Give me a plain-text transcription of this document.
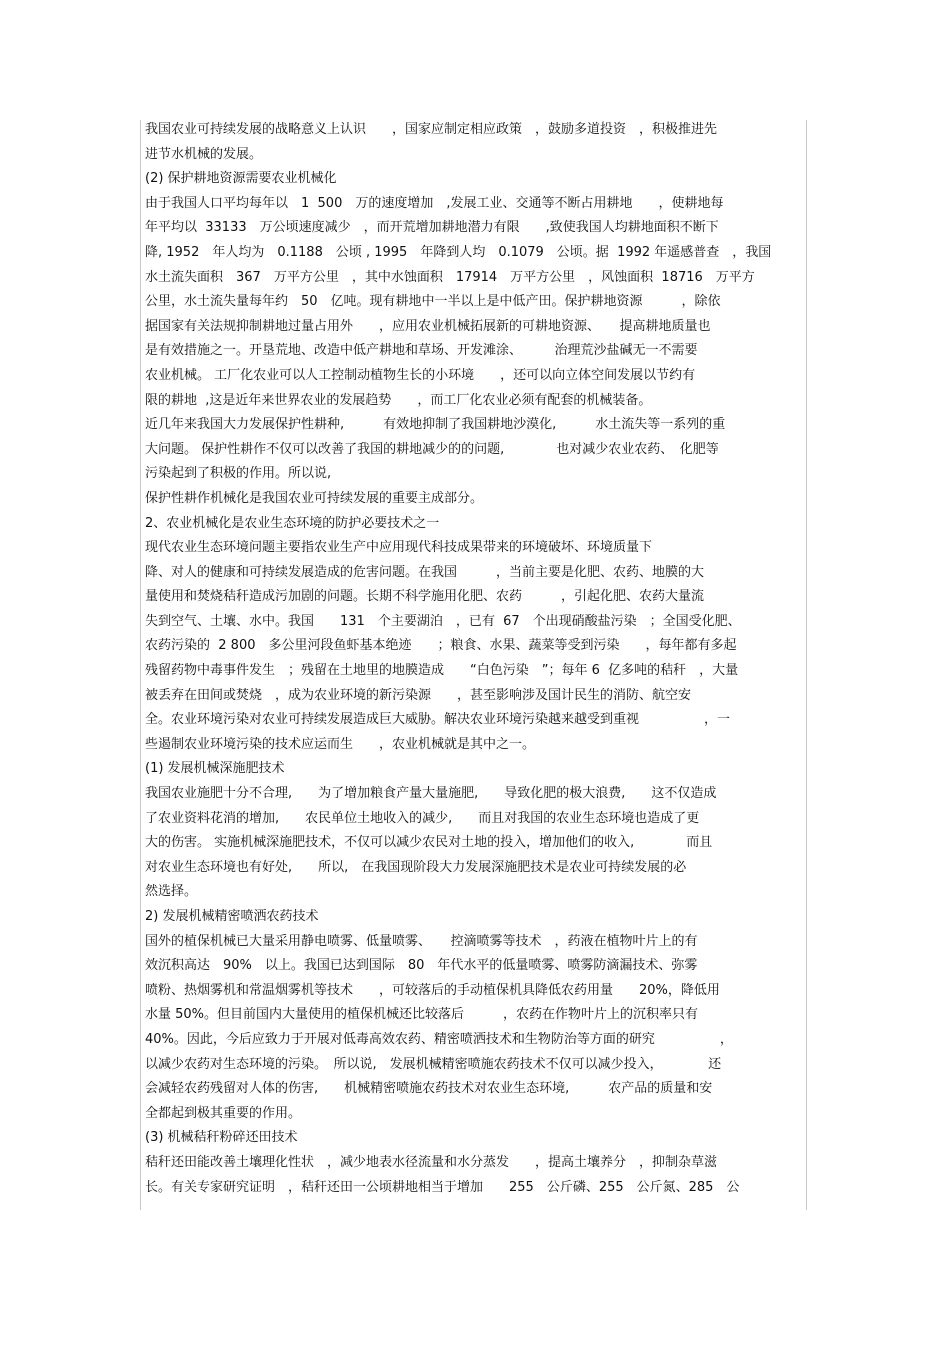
我国农业可持续发展的战略意义上认识　　，国家应制定相应政策　，鼓励多道投资　，积极推进先
进节水机械的发展。
(2) 保护耕地资源需要农业机械化
由于我国人口平均每年以　1  500　万的速度增加　,发展工业、交通等不断占用耕地　　，使耕地每
年平均以  33133　万公顷速度减少　，而开荒增加耕地潜力有限　　,致使我国人均耕地面积不断下
降, 1952　年人均为　0.1188　公顷 , 1995　年降到人均　0.1079　公顷。据  1992 年遥感普查　，我国
水土流失面积　367　万平方公里　，其中水蚀面积　17914　万平方公里　，风蚀面积  18716　万平方
公里，水土流失量每年约　50　亿吨。现有耕地中一半以上是中低产田。保护耕地资源　　　，除依
据国家有关法规抑制耕地过量占用外　　，应用农业机械拓展新的可耕地资源、　　提高耕地质量也
是有效措施之一。开垦荒地、改造中低产耕地和草场、开发滩涂、　　　治理荒沙盐碱无一不需要
农业机械。 工厂化农业可以人工控制动植物生长的小环境　　，还可以向立体空间发展以节约有
限的耕地  ,这是近年来世界农业的发展趋势　　，而工厂化农业必须有配套的机械装备。
近几年来我国大力发展保护性耕种,　　　有效地抑制了我国耕地沙漠化,　　　水土流失等一系列的重
大问题。 保护性耕作不仅可以改善了我国的耕地减少的的问题,　　　　也对减少农业农药、　化肥等
污染起到了积极的作用。所以说,
保护性耕作机械化是我国农业可持续发展的重要主成部分。
2、农业机械化是农业生态环境的防护必要技术之一
现代农业生态环境问题主要指农业生产中应用现代科技成果带来的环境破坏、环境质量下
降、对人的健康和可持续发展造成的危害问题。在我国　　　，当前主要是化肥、农药、地膜的大
量使用和焚烧秸秆造成污加剧的问题。长期不科学施用化肥、农药　　　，引起化肥、农药大量流
失到空气、土壤、水中。我国　　131　个主要湖泊　，已有  67　个出现硝酸盐污染　；全国受化肥、
农药污染的  2 800　多公里河段鱼虾基本绝迹　　；粮食、水果、蔬菜等受到污染　　，每年都有多起
残留药物中毒事件发生　；残留在土地里的地膜造成　　“白色污染　”；每年 6  亿多吨的秸秆　，大量
被丢弃在田间或焚烧　，成为农业环境的新污染源　　，甚至影响涉及国计民生的消防、航空安
全。农业环境污染对农业可持续发展造成巨大威胁。解决农业环境污染越来越受到重视　　　　　，一
些遏制农业环境污染的技术应运而生　　，农业机械就是其中之一。
(1) 发展机械深施肥技术
我国农业施肥十分不合理,　　为了增加粮食产量大量施肥,　　导致化肥的极大浪费,　　这不仅造成
了农业资料花消的增加,　　农民单位土地收入的减少,　　而且对我国的农业生态环境也造成了更
大的伤害。 实施机械深施肥技术，不仅可以减少农民对土地的投入，增加他们的收入,　　　　而且
对农业生态环境也有好处,　　所以,　在我国现阶段大力发展深施肥技术是农业可持续发展的必
然选择。
2) 发展机械精密喷洒农药技术
国外的植保机械已大量采用静电喷雾、低量喷雾、　　控滴喷雾等技术　，药液在植物叶片上的有
效沉积高达　90%　以上。我国已达到国际　80　年代水平的低量喷雾、喷雾防滴漏技术、弥雾
喷粉、热烟雾机和常温烟雾机等技术　　，可较落后的手动植保机具降低农药用量　　20%，降低用
水量 50%。但目前国内大量使用的植保机械还比较落后　　　，农药在作物叶片上的沉积率只有
40%。因此，今后应致力于开展对低毒高效农药、精密喷洒技术和生物防治等方面的研究　　　　　，
以减少农药对生态环境的污染。　所以说,　发展机械精密喷施农药技术不仅可以减少投入，　　　　还
会减轻农药残留对人体的伤害,　　机械精密喷施农药技术对农业生态环境,　　　农产品的质量和安
全都起到极其重要的作用。
(3) 机械秸秆粉碎还田技术
秸秆还田能改善土壤理化性状　，减少地表水径流量和水分蒸发　　，提高土壤养分　，抑制杂草滋
长。有关专家研究证明　，秸秆还田一公顷耕地相当于增加　　255　公斤磷、255　公斤氮、285　公
